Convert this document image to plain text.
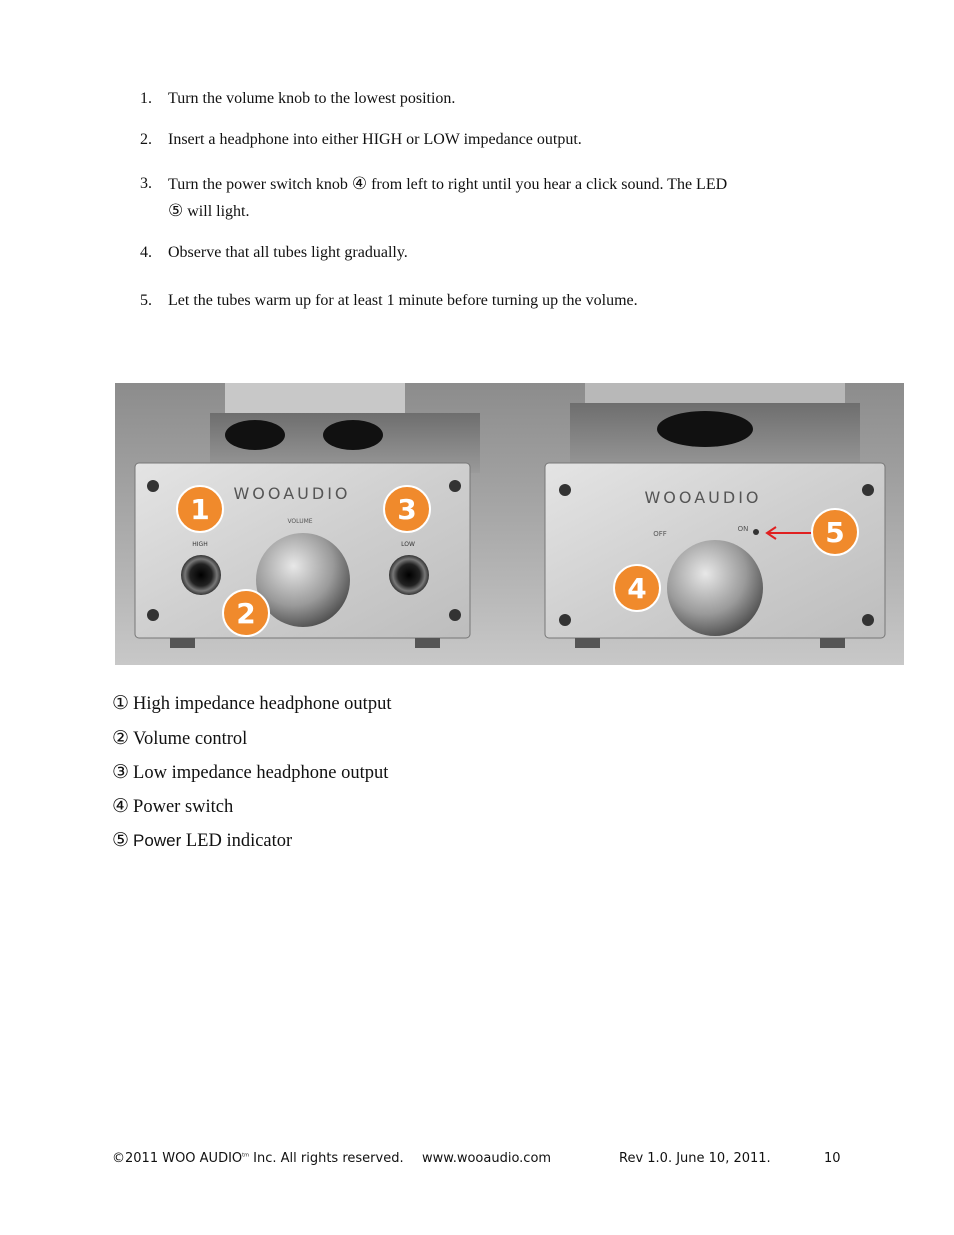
1.	Turn the volume knob to the lowest position.
2.	Insert a headphone into either HIGH or LOW impedance output.
3.	Turn the power switch knob ④ from left to right until you hear a click sound. The LED
⑤ will light.
4.	Observe that all tubes light gradually.
5.	Let the tubes warm up for at least 1 minute before turning up the volume.
WOOAUDIO
VOLUME
HIGH	LOW
WOOAUDIO
OFF
ON
1
2
3
4
5
① High impedance headphone output
② Volume control
③ Low impedance headphone output
④ Power switch
⑤ Power LED indicator
©2011 WOO $AUDIO^{tm}$ Inc. All rights reserved. www.wooaudio.com	Rev 1.0. June 10, 2011.	10
